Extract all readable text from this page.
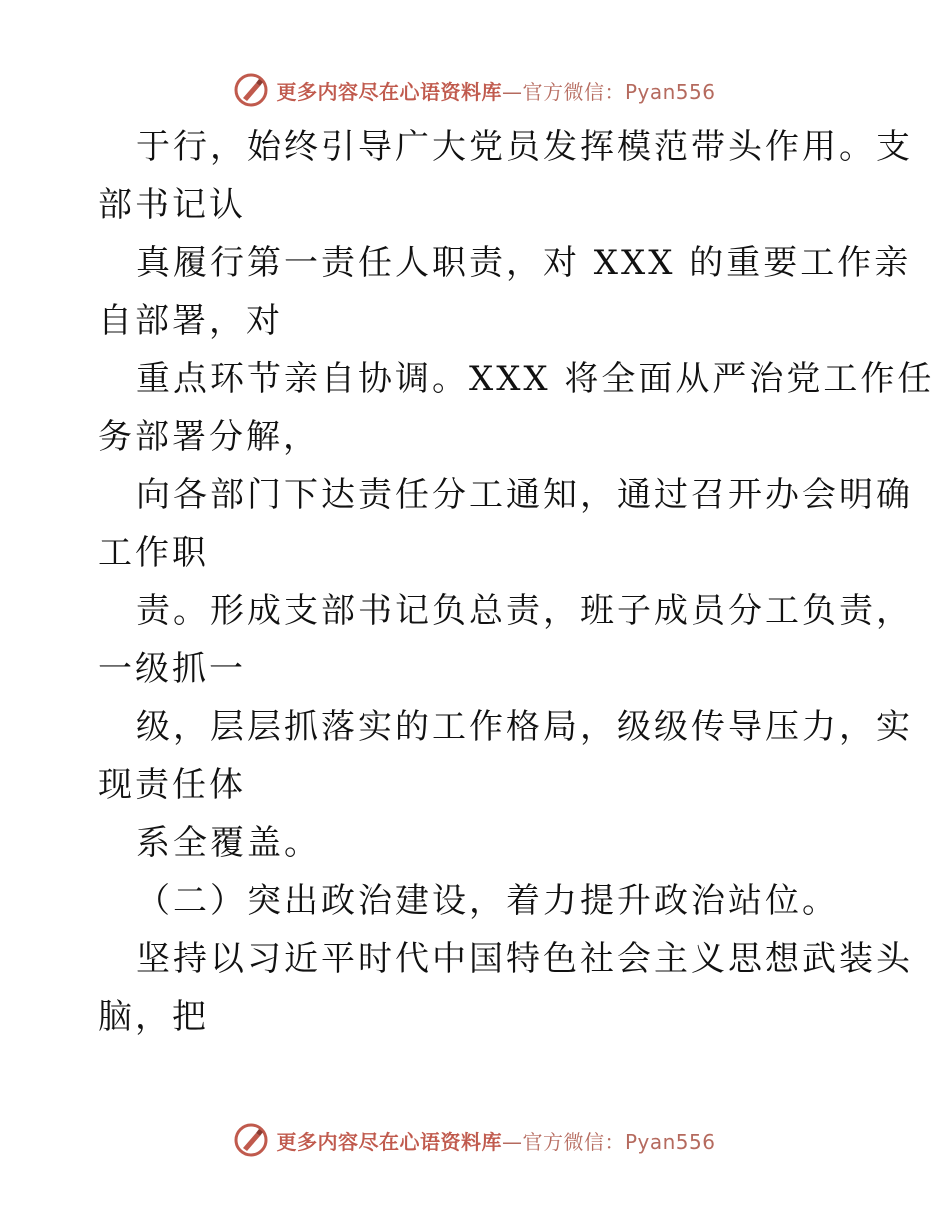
更多内容尽在心语资料库—官方微信：Pyan556
于行，始终引导广大党员发挥模范带头作用。支
部书记认
真履行第一责任人职责，对 XXX 的重要工作亲
自部署，对
重点环节亲自协调。XXX 将全面从严治党工作任
务部署分解，
向各部门下达责任分工通知，通过召开办会明确
工作职
责。形成支部书记负总责，班子成员分工负责，
一级抓一
级，层层抓落实的工作格局，级级传导压力，实
现责任体
系全覆盖。
（二）突出政治建设，着力提升政治站位。
坚持以习近平时代中国特色社会主义思想武装头
脑，把
更多内容尽在心语资料库—官方微信：Pyan556
